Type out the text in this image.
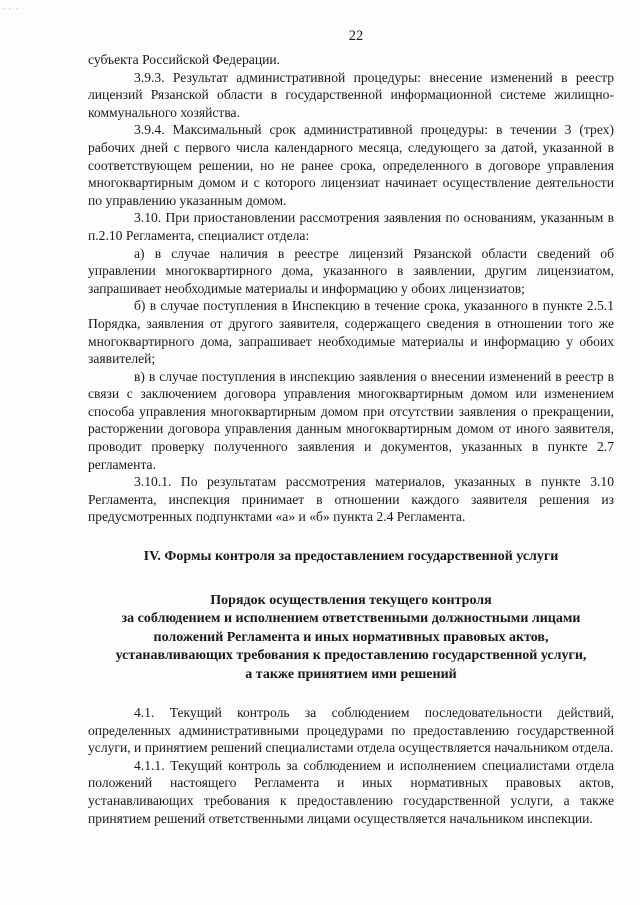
- -·‐ ·
22

субъекта Российской Федерации.

3.9.3. Результат административной процедуры: внесение изменений в реестр лицензий Рязанской области в государственной информационной системе жилищно-коммунального хозяйства.

3.9.4. Максимальный срок административной процедуры: в течении 3 (трех) рабочих дней с первого числа календарного месяца, следующего за датой, указанной в соответствующем решении, но не ранее срока, определенного в договоре управления многоквартирным домом и с которого лицензиат начинает осуществление деятельности по управлению указанным домом.

3.10. При приостановлении рассмотрения заявления по основаниям, указанным в п.2.10 Регламента, специалист отдела:

а) в случае наличия в реестре лицензий Рязанской области сведений об управлении многоквартирного дома, указанного в заявлении, другим лицензиатом, запрашивает необходимые материалы и информацию у обоих лицензиатов;

б) в случае поступления в Инспекцию в течение срока, указанного в пункте 2.5.1 Порядка, заявления от другого заявителя, содержащего сведения в отношении того же многоквартирного дома, запрашивает необходимые материалы и информацию у обоих заявителей;

в) в случае поступления в инспекцию заявления о внесении изменений в реестр в связи с заключением договора управления многоквартирным домом или изменением способа управления многоквартирным домом при отсутствии заявления о прекращении, расторжении договора управления данным многоквартирным домом от иного заявителя, проводит проверку полученного заявления и документов, указанных в пункте 2.7 регламента.

3.10.1. По результатам рассмотрения материалов, указанных в пункте 3.10 Регламента, инспекция принимает в отношении каждого заявителя решения из предусмотренных подпунктами «а» и «б» пункта 2.4 Регламента.

IV. Формы контроля за предоставлением государственной услуги
Порядок осуществления текущего контроля
за соблюдением и исполнением ответственными должностными лицами
положений Регламента и иных нормативных правовых актов,
устанавливающих требования к предоставлению государственной услуги,
а также принятием ими решений

4.1. Текущий контроль за соблюдением последовательности действий, определенных административными процедурами по предоставлению государственной услуги, и принятием решений специалистами отдела осуществляется начальником отдела.

4.1.1. Текущий контроль за соблюдением и исполнением специалистами отдела положений настоящего Регламента и иных нормативных правовых актов, устанавливающих требования к предоставлению государственной услуги, а также принятием решений ответственными лицами осуществляется начальником инспекции.
